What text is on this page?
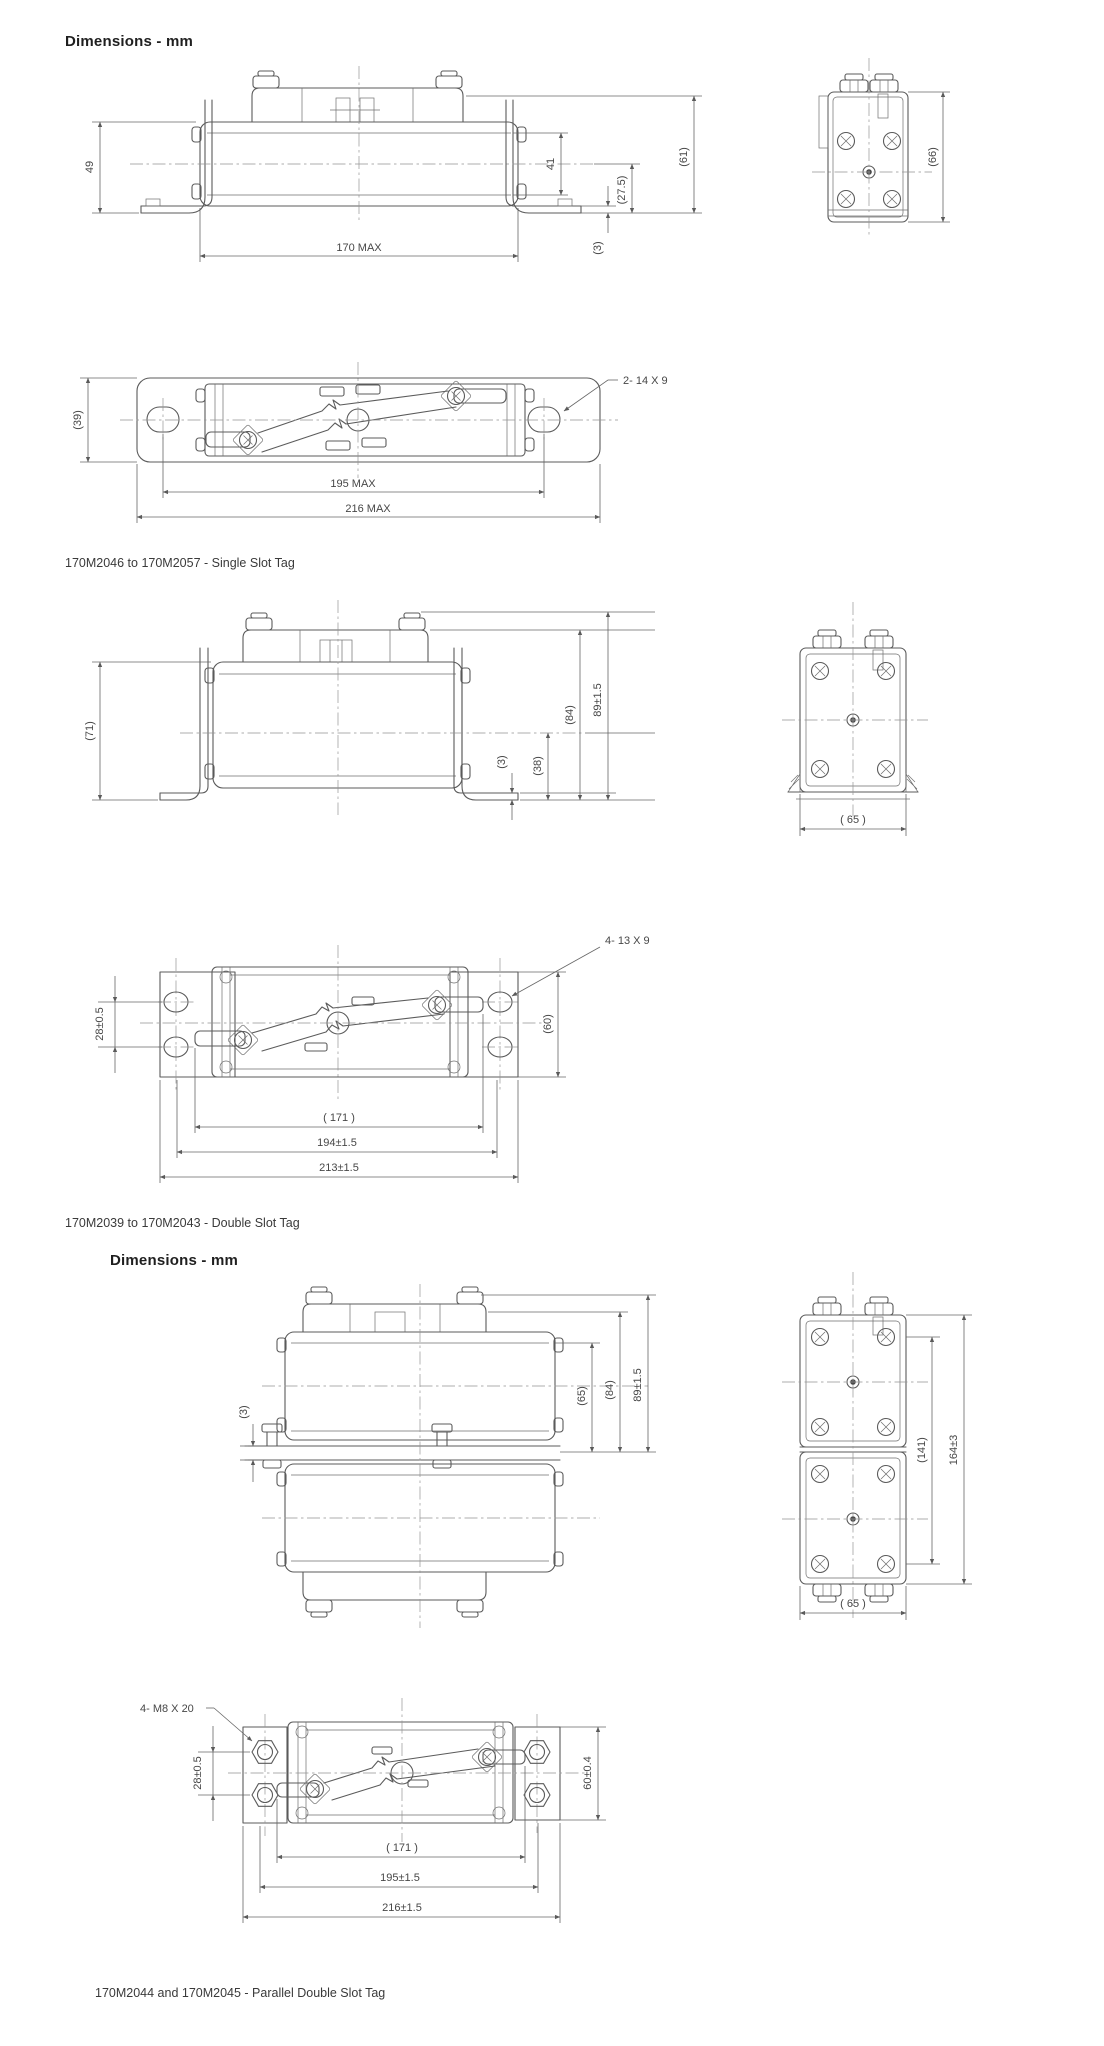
Dimensions - mm
170M2046 to 170M2057 - Single Slot Tag
170M2039 to 170M2043 - Double Slot Tag
Dimensions - mm
170M2044 and 170M2045 - Parallel Double Slot Tag
49
170 MAX
41
(27.5)
(3)
(61)	(66)
(39)
2- 14 X 9
195 MAX
216 MAX
(71)
(3) (38)
(84) 89±1.5
( 65 )
4- 13 X 9
28±0.5	(60)
( 171 )
194±1.5
213±1.5
(3)
(65) (84) 89±1.5
(141) 164±3
( 65 )
4- M8 X 20
28±0.5	60±0.4
( 171 )
195±1.5
216±1.5
